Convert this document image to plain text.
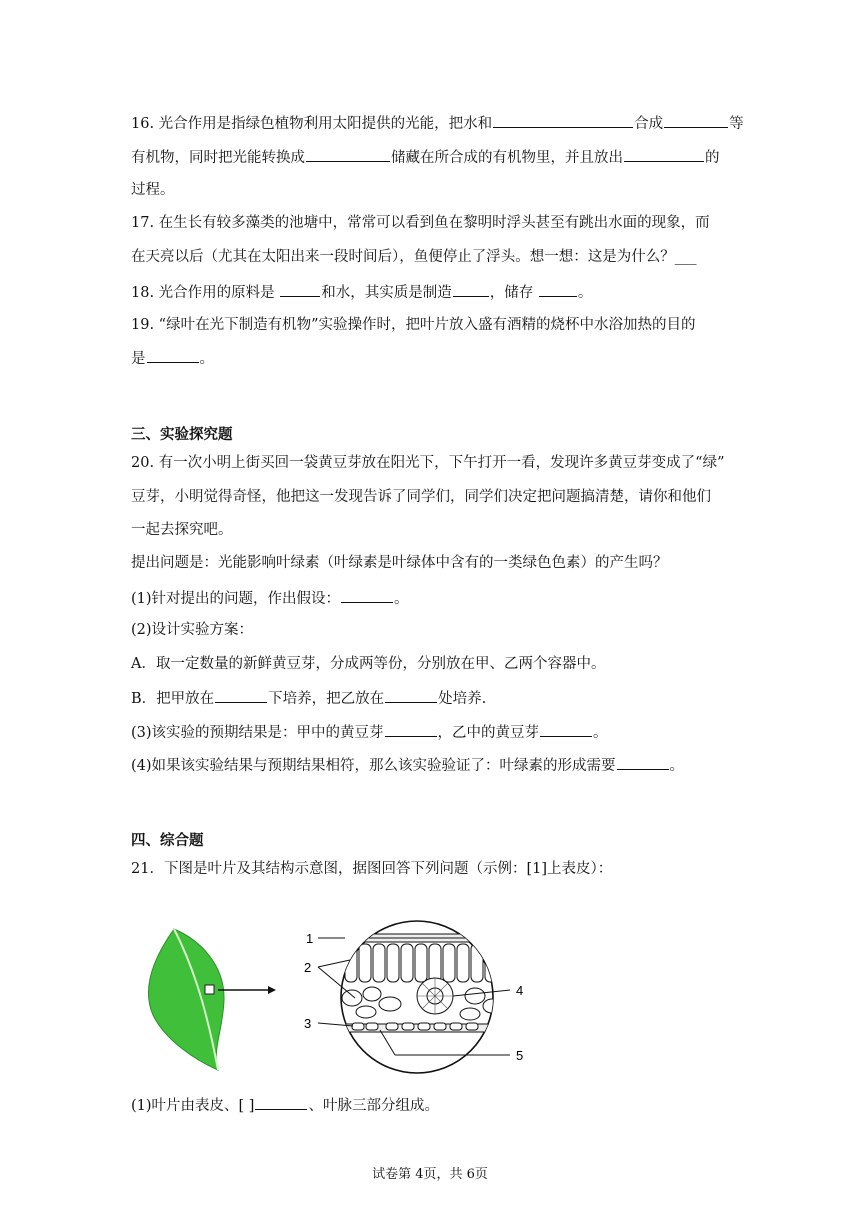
16. 光合作用是指绿色植物利用太阳提供的光能，把水和	合成	等
有机物，同时把光能转换成	储藏在所合成的有机物里，并且放出	的
过程。
17. 在生长有较多藻类的池塘中，常常可以看到鱼在黎明时浮头甚至有跳出水面的现象，而
在天亮以后（尤其在太阳出来一段时间后），鱼便停止了浮头。想一想：这是为什么？___
18. 光合作用的原料是	和水，其实质是制造	，储存	。
19. “绿叶在光下制造有机物”实验操作时，把叶片放入盛有酒精的烧杯中水浴加热的目的
是	。
三、实验探究题
20. 有一次小明上街买回一袋黄豆芽放在阳光下，下午打开一看，发现许多黄豆芽变成了“绿”
豆芽，小明觉得奇怪，他把这一发现告诉了同学们，同学们决定把问题搞清楚，请你和他们
一起去探究吧。
提出问题是：光能影响叶绿素（叶绿素是叶绿体中含有的一类绿色色素）的产生吗？
(1)针对提出的问题，作出假设：	。
(2)设计实验方案：
A．取一定数量的新鲜黄豆芽，分成两等份，分别放在甲、乙两个容器中。
B．把甲放在	下培养，把乙放在	处培养.
(3)该实验的预期结果是：甲中的黄豆芽	，乙中的黄豆芽	。
(4)如果该实验结果与预期结果相符，那么该实验验证了：叶绿素的形成需要	。
四、综合题
21．下图是叶片及其结构示意图，据图回答下列问题（示例：[1]上表皮）：
1
2
3
4
5
(1)叶片由表皮、[ ]	、叶脉三部分组成。
试卷第 4页，共 6页
